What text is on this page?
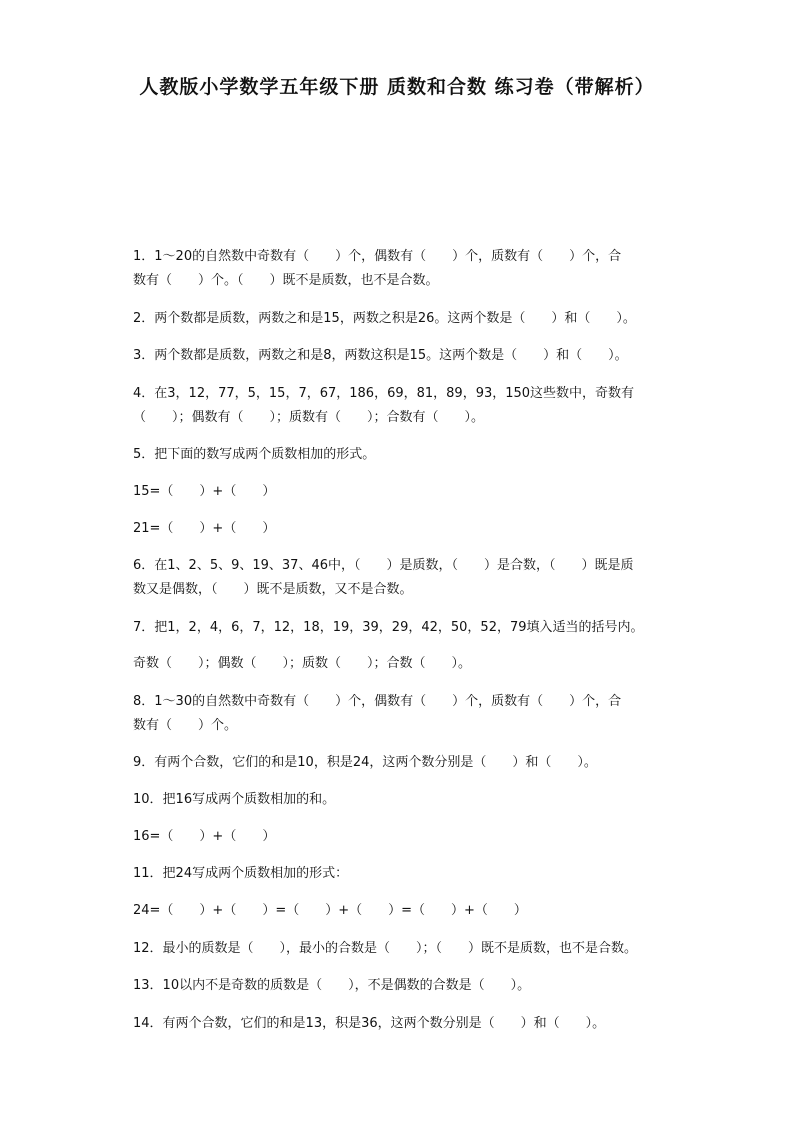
人教版小学数学五年级下册 质数和合数 练习卷（带解析）
1．1～20的自然数中奇数有（　　）个，偶数有（　　）个，质数有（　　）个，合
数有（　　）个。（　　）既不是质数，也不是合数。
2．两个数都是质数，两数之和是15，两数之积是26。这两个数是（　　）和（　　）。
3．两个数都是质数，两数之和是8，两数这积是15。这两个数是（　　）和（　　）。
4．在3，12，77，5，15，7，67，186，69，81，89，93，150这些数中，奇数有
（　　）；偶数有（　　）；质数有（　　）；合数有（　　）。
5．把下面的数写成两个质数相加的形式。
15=（　　）+（　　）
21=（　　）+（　　）
6．在1、2、5、9、19、37、46中，（　　）是质数，（　　）是合数，（　　）既是质
数又是偶数，（　　）既不是质数，又不是合数。
7．把1，2，4，6，7，12，18，19，39，29，42，50，52，79填入适当的括号内。
奇数（　　）；偶数（　　）；质数（　　）；合数（　　）。
8．1～30的自然数中奇数有（　　）个，偶数有（　　）个，质数有（　　）个，合
数有（　　）个。
9．有两个合数，它们的和是10，积是24，这两个数分别是（　　）和（　　）。
10．把16写成两个质数相加的和。
16=（　　）+（　　）
11．把24写成两个质数相加的形式：
24=（　　）+（　　）=（　　）+（　　）=（　　）+（　　）
12．最小的质数是（　　），最小的合数是（　　）；（　　）既不是质数，也不是合数。
13．10以内不是奇数的质数是（　　），不是偶数的合数是（　　）。
14．有两个合数，它们的和是13，积是36，这两个数分别是（　　）和（　　）。
